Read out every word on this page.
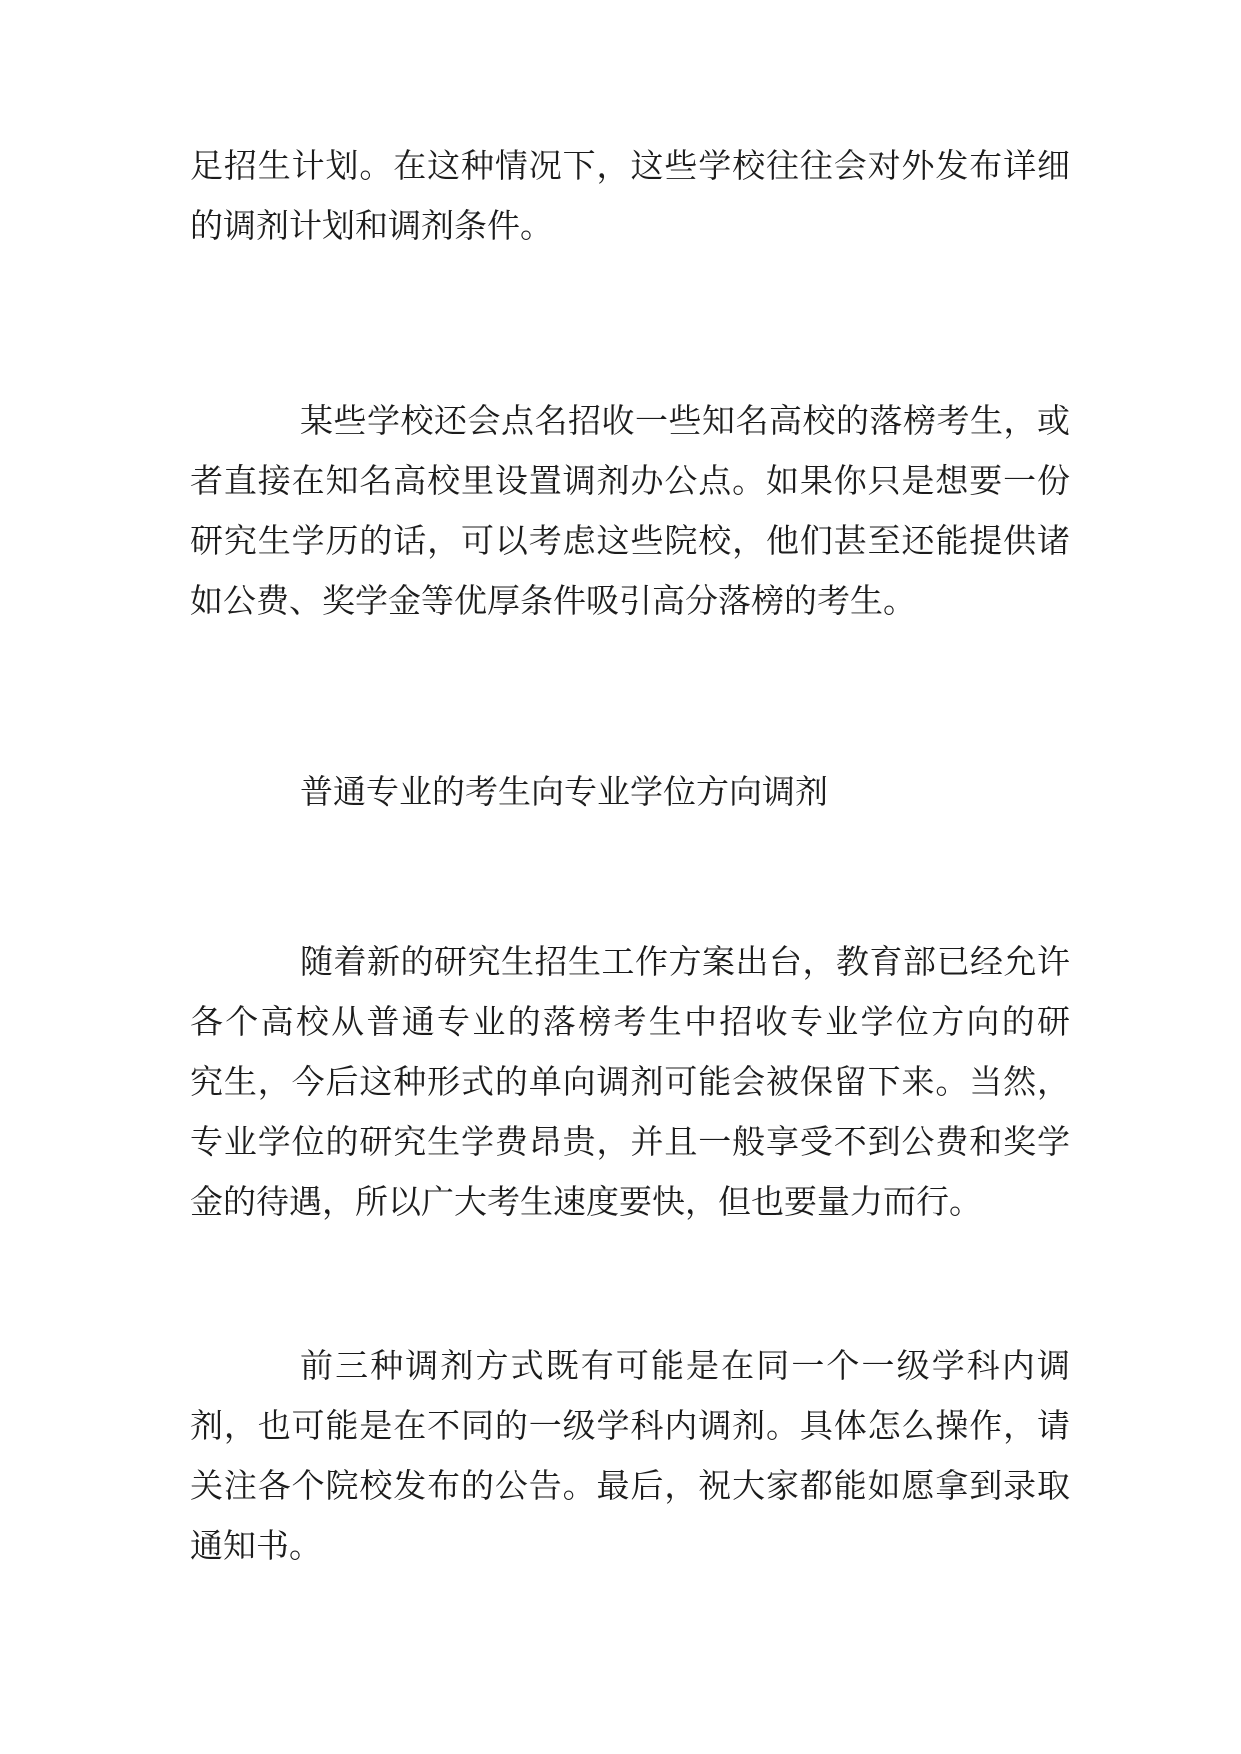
足招生计划。在这种情况下，这些学校往往会对外发布详细
的调剂计划和调剂条件。
某些学校还会点名招收一些知名高校的落榜考生，或
者直接在知名高校里设置调剂办公点。如果你只是想要一份
研究生学历的话，可以考虑这些院校，他们甚至还能提供诸
如公费、奖学金等优厚条件吸引高分落榜的考生。
普通专业的考生向专业学位方向调剂
随着新的研究生招生工作方案出台，教育部已经允许
各个高校从普通专业的落榜考生中招收专业学位方向的研
究生，今后这种形式的单向调剂可能会被保留下来。当然，
专业学位的研究生学费昂贵，并且一般享受不到公费和奖学
金的待遇，所以广大考生速度要快，但也要量力而行。
前三种调剂方式既有可能是在同一个一级学科内调
剂，也可能是在不同的一级学科内调剂。具体怎么操作，请
关注各个院校发布的公告。最后，祝大家都能如愿拿到录取
通知书。
